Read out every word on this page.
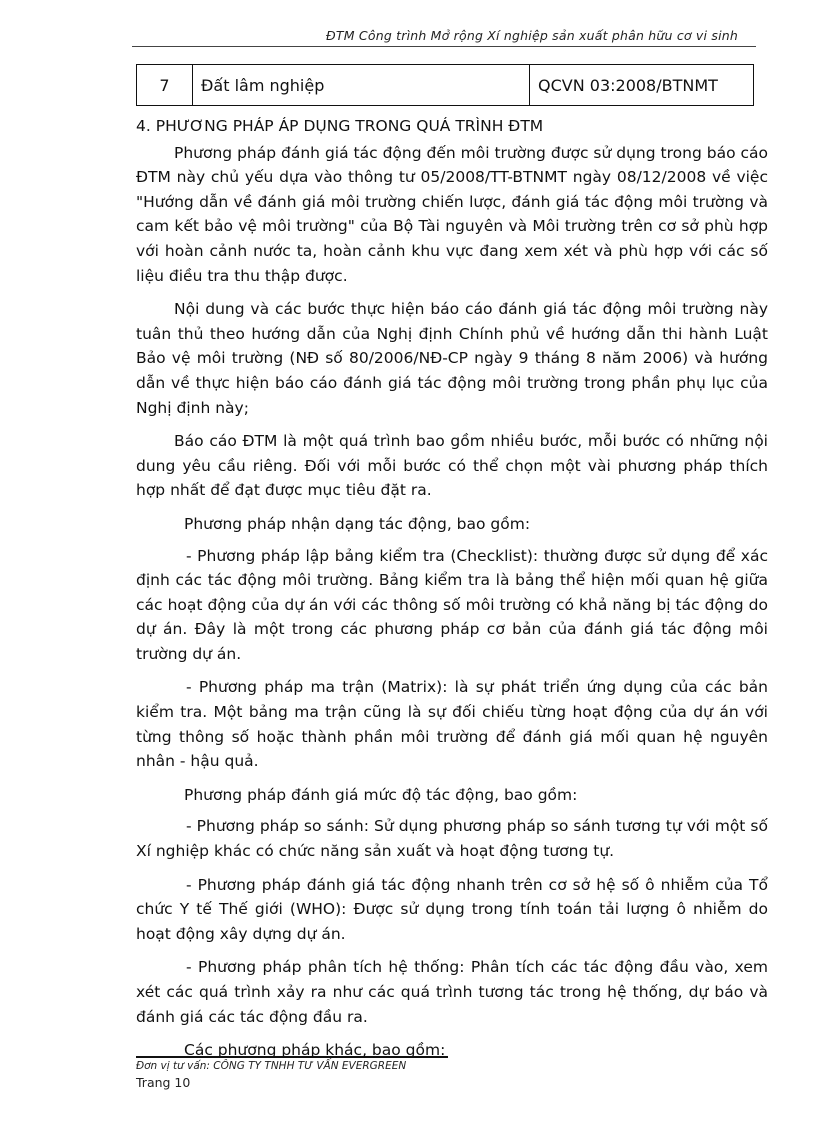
ĐTM Công trình Mở rộng Xí nghiệp sản xuất phân hữu cơ vi sinh
7	Đất lâm nghiệp	QCVN 03:2008/BTNMT
4. PHƯƠNG PHÁP ÁP DỤNG TRONG QUÁ TRÌNH ĐTM

Phương pháp đánh giá tác động đến môi trường được sử dụng trong báo cáo ĐTM này chủ yếu dựa vào thông tư 05/2008/TT-BTNMT ngày 08/12/2008 về việc "Hướng dẫn về đánh giá môi trường chiến lược, đánh giá tác động môi trường và cam kết bảo vệ môi trường" của Bộ Tài nguyên và Môi trường trên cơ sở phù hợp với hoàn cảnh nước ta, hoàn cảnh khu vực đang xem xét và phù hợp với các số liệu điều tra thu thập được.

Nội dung và các bước thực hiện báo cáo đánh giá tác động môi trường này tuân thủ theo hướng dẫn của Nghị định Chính phủ về hướng dẫn thi hành Luật Bảo vệ môi trường (NĐ số 80/2006/NĐ-CP ngày 9 tháng 8 năm 2006) và hướng dẫn về thực hiện báo cáo đánh giá tác động môi trường trong phần phụ lục của Nghị định này;

Báo cáo ĐTM là một quá trình bao gồm nhiều bước, mỗi bước có những nội dung yêu cầu riêng. Đối với mỗi bước có thể chọn một vài phương pháp thích hợp nhất để đạt được mục tiêu đặt ra.

Phương pháp nhận dạng tác động, bao gồm:

- Phương pháp lập bảng kiểm tra (Checklist): thường được sử dụng để xác định các tác động môi trường. Bảng kiểm tra là bảng thể hiện mối quan hệ giữa các hoạt động của dự án với các thông số môi trường có khả năng bị tác động do dự án. Đây là một trong các phương pháp cơ bản của đánh giá tác động môi trường dự án.

- Phương pháp ma trận (Matrix): là sự phát triển ứng dụng của các bản kiểm tra. Một bảng ma trận cũng là sự đối chiếu từng hoạt động của dự án với từng thông số hoặc thành phần môi trường để đánh giá mối quan hệ nguyên nhân - hậu quả.

Phương pháp đánh giá mức độ tác động, bao gồm:

- Phương pháp so sánh: Sử dụng phương pháp so sánh tương tự với một số Xí nghiệp khác có chức năng sản xuất và hoạt động tương tự.

- Phương pháp đánh giá tác động nhanh trên cơ sở hệ số ô nhiễm của Tổ chức Y tế Thế giới (WHO): Được sử dụng trong tính toán tải lượng ô nhiễm do hoạt động xây dựng dự án.

- Phương pháp phân tích hệ thống: Phân tích các tác động đầu vào, xem xét các quá trình xảy ra như các quá trình tương tác trong hệ thống, dự báo và đánh giá các tác động đầu ra.

Các phương pháp khác, bao gồm:

Đơn vị tư vấn: CÔNG TY TNHH TƯ VẤN EVERGREEN
Trang 10
